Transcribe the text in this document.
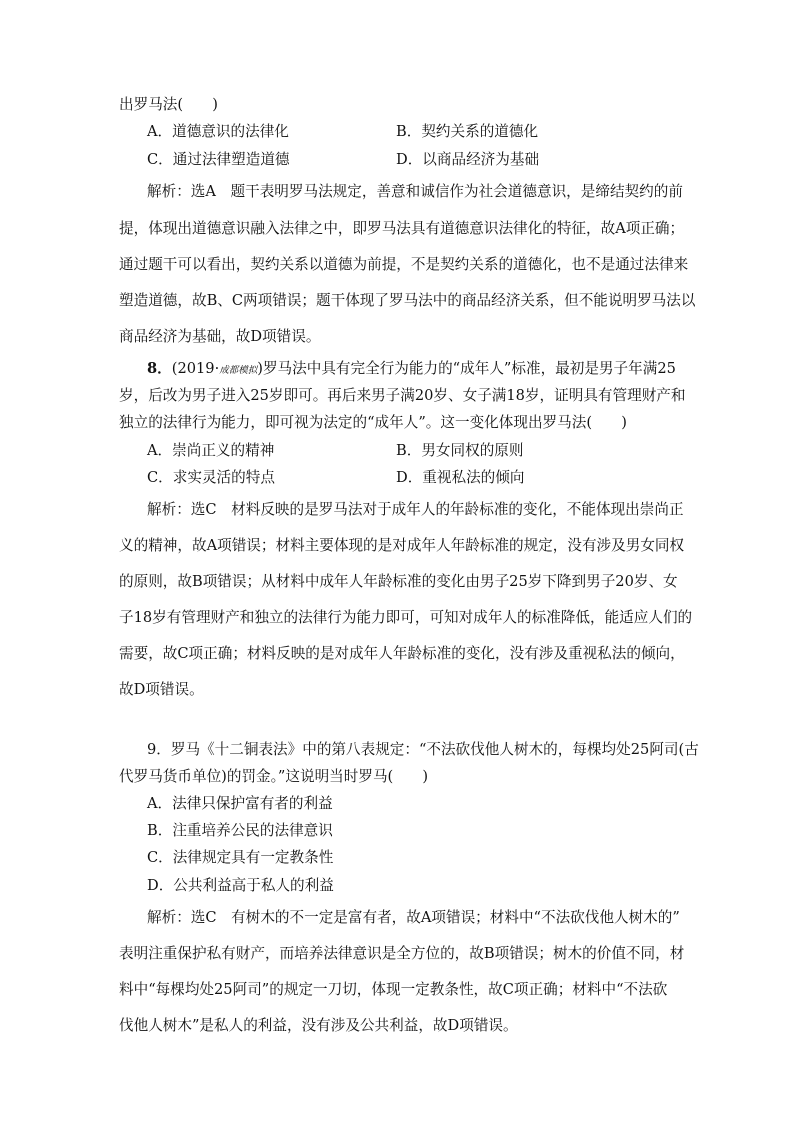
出罗马法(　　)
A．道德意识的法律化	B．契约关系的道德化
C．通过法律塑造道德	D．以商品经济为基础
解析：选A　题干表明罗马法规定，善意和诚信作为社会道德意识，是缔结契约的前
提，体现出道德意识融入法律之中，即罗马法具有道德意识法律化的特征，故A项正确；
通过题干可以看出，契约关系以道德为前提，不是契约关系的道德化，也不是通过法律来
塑造道德，故B、C两项错误；题干体现了罗马法中的商品经济关系，但不能说明罗马法以
商品经济为基础，故D项错误。
8．(2019·成都模拟)罗马法中具有完全行为能力的“成年人”标准，最初是男子年满25
岁，后改为男子进入25岁即可。再后来男子满20岁、女子满18岁，证明具有管理财产和
独立的法律行为能力，即可视为法定的“成年人”。这一变化体现出罗马法(　　)
A．崇尚正义的精神	B．男女同权的原则
C．求实灵活的特点	D．重视私法的倾向
解析：选C　材料反映的是罗马法对于成年人的年龄标准的变化，不能体现出崇尚正
义的精神，故A项错误；材料主要体现的是对成年人年龄标准的规定，没有涉及男女同权
的原则，故B项错误；从材料中成年人年龄标准的变化由男子25岁下降到男子20岁、女
子18岁有管理财产和独立的法律行为能力即可，可知对成年人的标准降低，能适应人们的
需要，故C项正确；材料反映的是对成年人年龄标准的变化，没有涉及重视私法的倾向，
故D项错误。
9．罗马《十二铜表法》中的第八表规定：“不法砍伐他人树木的，每棵均处25阿司(古
代罗马货币单位)的罚金。”这说明当时罗马(　　)
A．法律只保护富有者的利益
B．注重培养公民的法律意识
C．法律规定具有一定教条性
D．公共利益高于私人的利益
解析：选C　有树木的不一定是富有者，故A项错误；材料中“不法砍伐他人树木的”
表明注重保护私有财产，而培养法律意识是全方位的，故B项错误；树木的价值不同，材
料中“每棵均处25阿司”的规定一刀切，体现一定教条性，故C项正确；材料中“不法砍
伐他人树木”是私人的利益，没有涉及公共利益，故D项错误。
